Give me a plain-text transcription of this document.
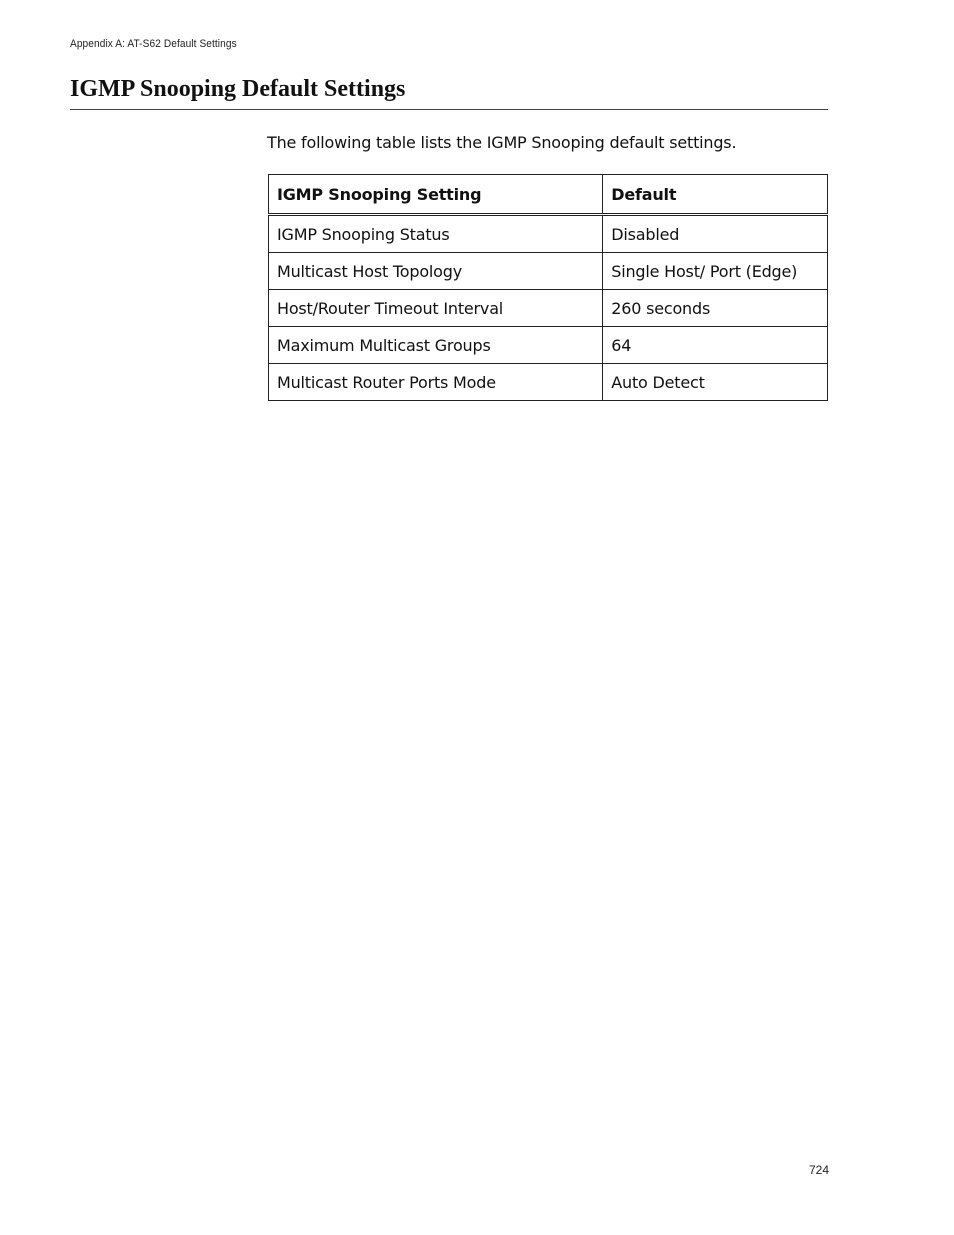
Appendix A: AT-S62 Default Settings
IGMP Snooping Default Settings

The following table lists the IGMP Snooping default settings.

IGMP Snooping Setting	Default
IGMP Snooping Status	Disabled
Multicast Host Topology	Single Host/ Port (Edge)
Host/Router Timeout Interval	260 seconds
Maximum Multicast Groups	64
Multicast Router Ports Mode	Auto Detect
724
